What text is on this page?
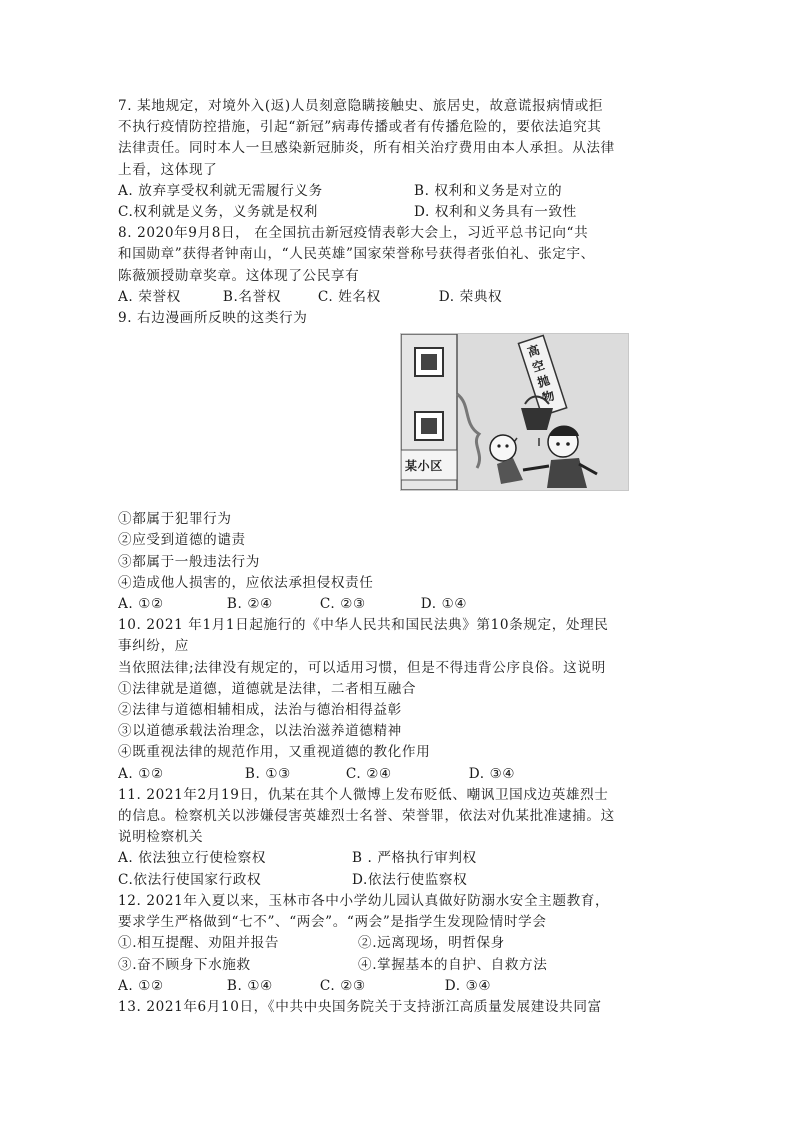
7. 某地规定，对境外入(返)人员刻意隐瞒接触史、旅居史，故意谎报病情或拒
不执行疫情防控措施，引起“新冠”病毒传播或者有传播危险的，要依法追究其
法律责任。同时本人一旦感染新冠肺炎，所有相关治疗费用由本人承担。从法律
上看，这体现了
A. 放弃享受权利就无需履行义务	B. 权利和义务是对立的
C.权利就是义务，义务就是权利	D. 权利和义务具有一致性
8. 2020年9月8日， 在全国抗击新冠疫情表彰大会上，习近平总书记向“共
和国勋章”获得者钟南山，“人民英雄”国家荣誉称号获得者张伯礼、张定宇、
陈薇颁授勋章奖章。这体现了公民享有
A. 荣誉权	B.名誉权	C. 姓名权	D. 荣典权
9. 右边漫画所反映的这类行为
某小区
高 空 抛 物
①都属于犯罪行为
②应受到道德的谴责
③都属于一般违法行为
④造成他人损害的，应依法承担侵权责任
A. ①②	B. ②④	C. ②③	D. ①④
10. 2021 年1月1日起施行的《中华人民共和国民法典》第10条规定，处理民
事纠纷，应
当依照法律;法律没有规定的，可以适用习惯，但是不得违背公序良俗。这说明
①法律就是道德，道德就是法律，二者相互融合
②法律与道德相辅相成，法治与德治相得益彰
③以道德承载法治理念，以法治滋养道德精神
④既重视法律的规范作用，又重视道德的教化作用
A. ①②	B. ①③	C. ②④	D. ③④
11. 2021年2月19日，仇某在其个人微博上发布贬低、嘲讽卫国戍边英雄烈士
的信息。检察机关以涉嫌侵害英雄烈士名誉、荣誉罪，依法对仇某批准逮捕。这
说明检察机关
A. 依法独立行使检察权	B . 严格执行审判权
C.依法行使国家行政权	D.依法行使监察权
12. 2021年入夏以来，玉林市各中小学幼儿园认真做好防溺水安全主题教育，
要求学生严格做到“七不”、“两会”。“两会”是指学生发现险情时学会
①.相互提醒、劝阻并报告	②.远离现场，明哲保身
③.奋不顾身下水施救	④.掌握基本的自护、自救方法
A. ①②	B. ①④	C. ②③	D. ③④
13. 2021年6月10日，《中共中央国务院关于支持浙江高质量发展建设共同富
